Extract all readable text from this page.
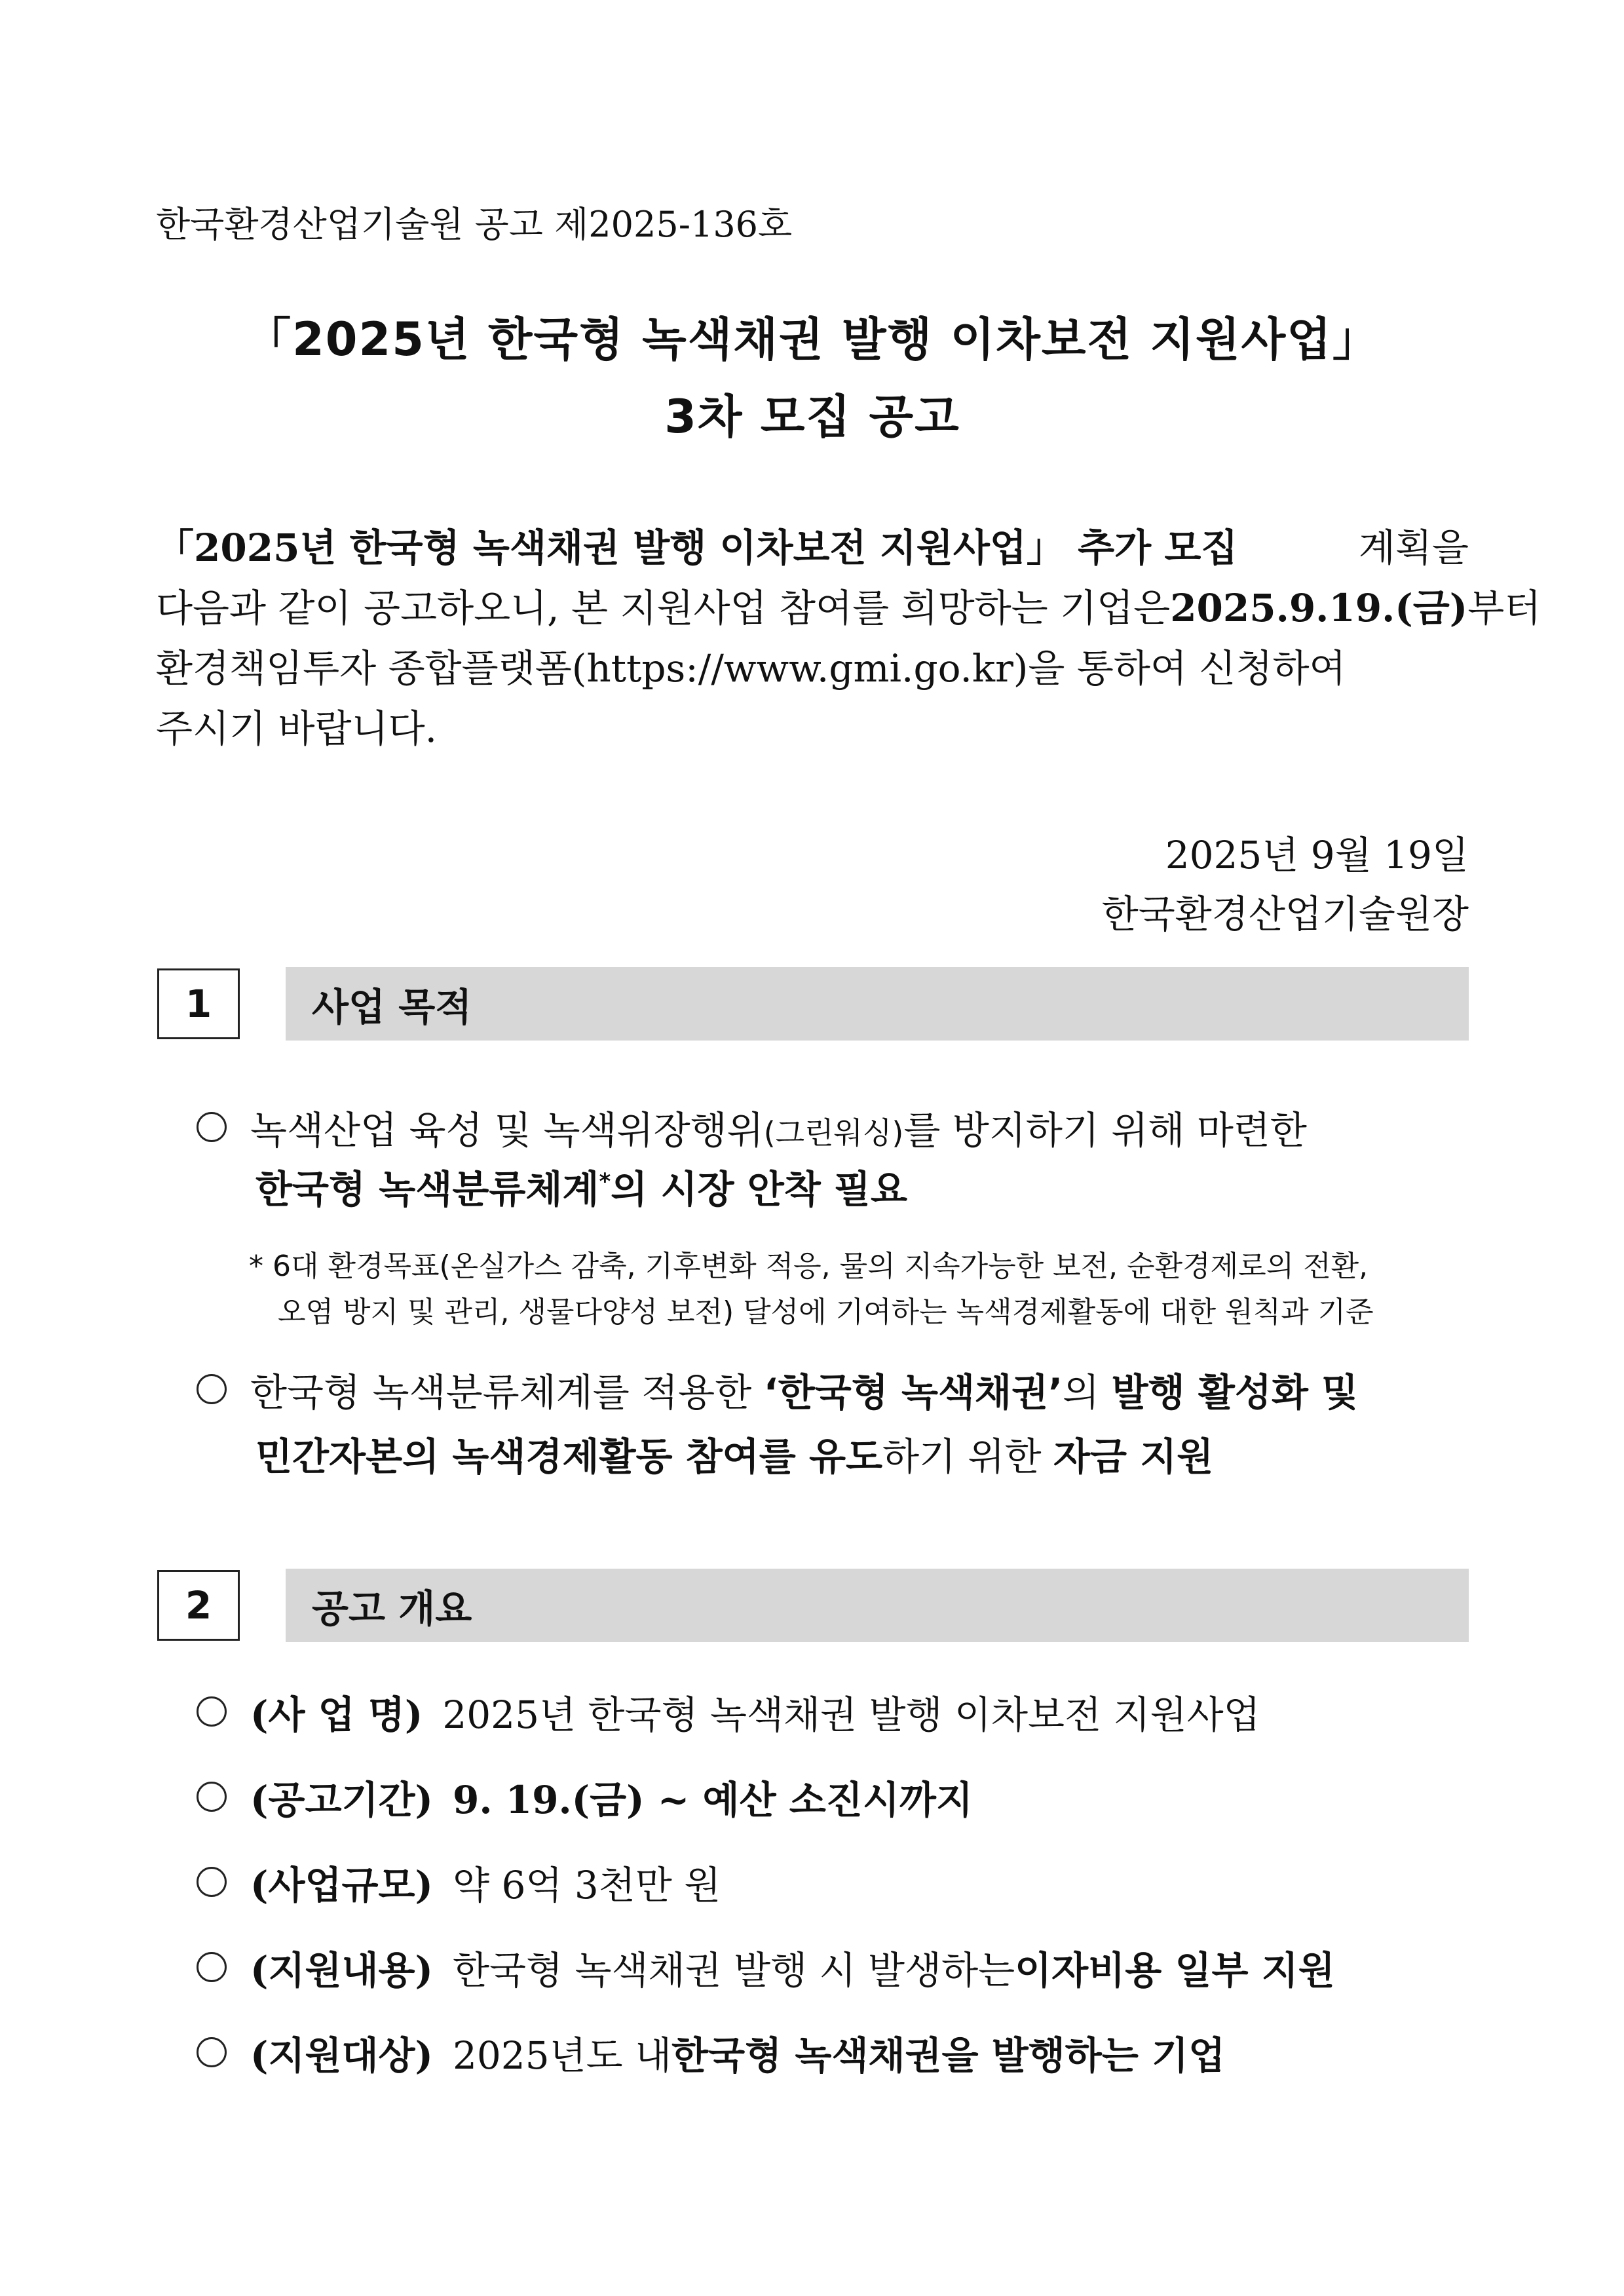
한국환경산업기술원 공고 제2025-136호
「2025년 한국형 녹색채권 발행 이차보전 지원사업」
3차 모집 공고
「2025년 한국형 녹색채권 발행 이차보전 지원사업」 추가 모집	계획을
다음과 같이 공고하오니, 본 지원사업 참여를 희망하는 기업은 2025.9.19.(금)부터
환경책임투자 종합플랫폼(https://www.gmi.go.kr)을 통하여 신청하여
주시기 바랍니다.
2025년 9월 19일
한국환경산업기술원장
1	사업 목적
녹색산업 육성 및 녹색위장행위(그린워싱)를 방지하기 위해 마련한
한국형 녹색분류체계*의 시장 안착 필요
* 6대 환경목표(온실가스 감축, 기후변화 적응, 물의 지속가능한 보전, 순환경제로의 전환,
오염 방지 및 관리, 생물다양성 보전) 달성에 기여하는 녹색경제활동에 대한 원칙과 기준
한국형 녹색분류체계를 적용한 ‘한국형 녹색채권’의 발행 활성화 및
민간자본의 녹색경제활동 참여를 유도하기 위한 자금 지원
2	공고 개요
(사 업 명) 2025년 한국형 녹색채권 발행 이차보전 지원사업
(공고기간) 9. 19.(금) ~ 예산 소진시까지
(사업규모) 약 6억 3천만 원
(지원내용) 한국형 녹색채권 발행 시 발생하는 이자비용 일부 지원
(지원대상) 2025년도 내 한국형 녹색채권을 발행하는 기업
